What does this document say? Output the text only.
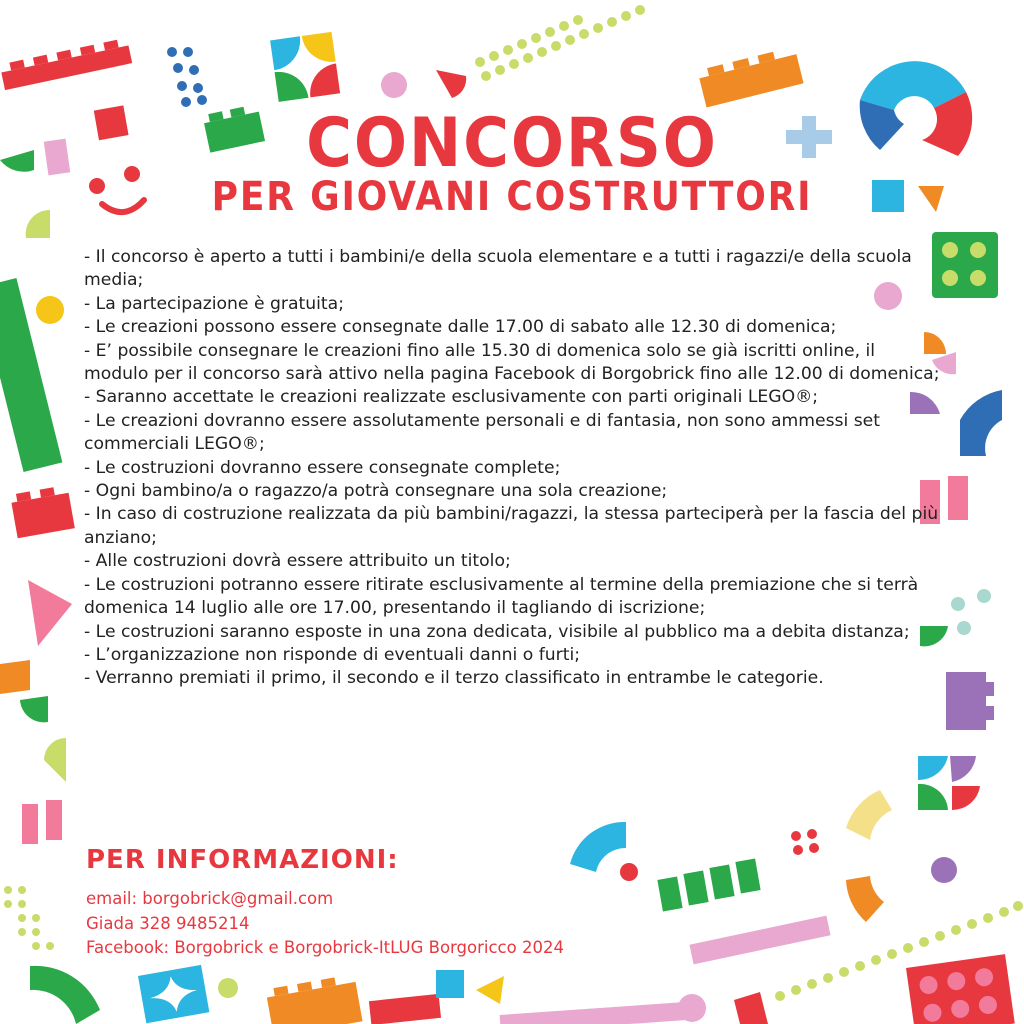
CONCORSO
PER GIOVANI COSTRUTTORI
- Il concorso è aperto a tutti i bambini/e della scuola elementare e a tutti i ragazzi/e della scuola media;
- La partecipazione è gratuita;
- Le creazioni possono essere consegnate dalle 17.00 di sabato alle 12.30 di domenica;
- E’ possibile consegnare le creazioni fino alle 15.30 di domenica solo se già iscritti online, il modulo per il concorso sarà attivo nella pagina Facebook di Borgobrick fino alle 12.00 di domenica;
- Saranno accettate le creazioni realizzate esclusivamente con parti originali LEGO®;
- Le creazioni dovranno essere assolutamente personali e di fantasia, non sono ammessi set commerciali LEGO®;
- Le costruzioni dovranno essere consegnate complete;
- Ogni bambino/a o ragazzo/a potrà consegnare una sola creazione;
- In caso di costruzione realizzata da più bambini/ragazzi, la stessa parteciperà per la fascia del più anziano;
- Alle costruzioni dovrà essere attribuito un titolo;
- Le costruzioni potranno essere ritirate esclusivamente al termine della premiazione che si terrà domenica 14 luglio alle ore 17.00, presentando il tagliando di iscrizione;
- Le costruzioni saranno esposte in una zona dedicata, visibile al pubblico ma a debita distanza;
- L’organizzazione non risponde di eventuali danni o furti;
- Verranno premiati il primo, il secondo e il terzo classificato in entrambe le categorie.
PER INFORMAZIONI:
email: borgobrick@gmail.com
Giada 328 9485214
Facebook: Borgobrick e Borgobrick-ItLUG Borgoricco 2024
